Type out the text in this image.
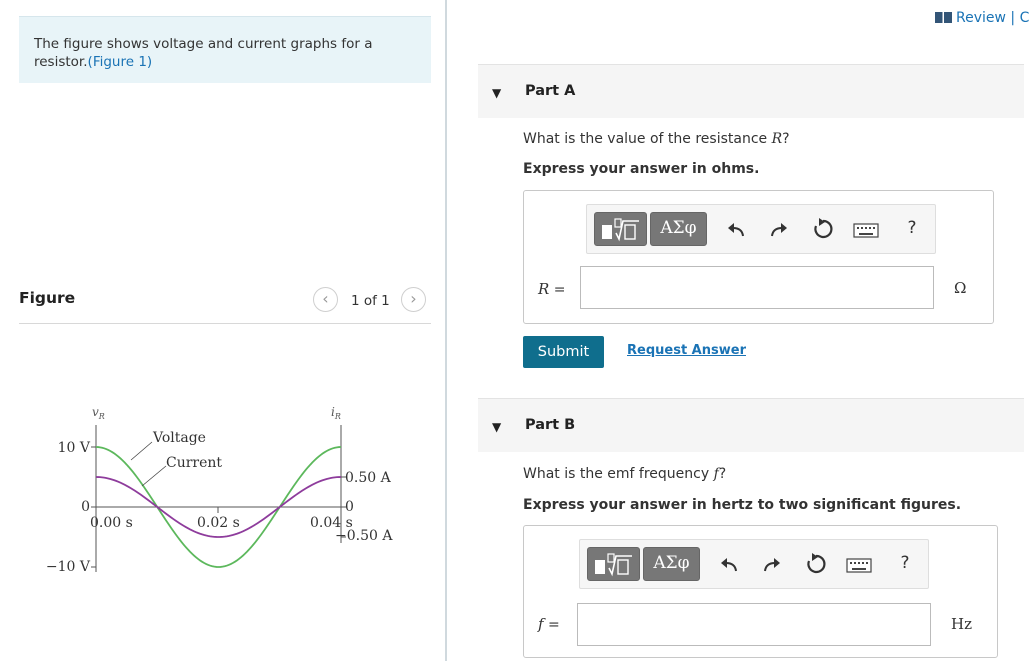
The figure shows voltage and current graphs for a resistor.(Figure 1)
Review | C
Figure	‹	1 of 1	›
$v_R$	$i_R$
10 V
0
−10 V
0.50 A
0
−0.50 A
0.00 s	0.02 s	0.04 s
Voltage
Current
▼ Part A
What is the value of the resistance R?
Express your answer in ohms.
ΑΣφ	?
R =	Ω
Submit	Request Answer
▼ Part B
What is the emf frequency f?
Express your answer in hertz to two significant figures.
ΑΣφ	?
f =	Hz
